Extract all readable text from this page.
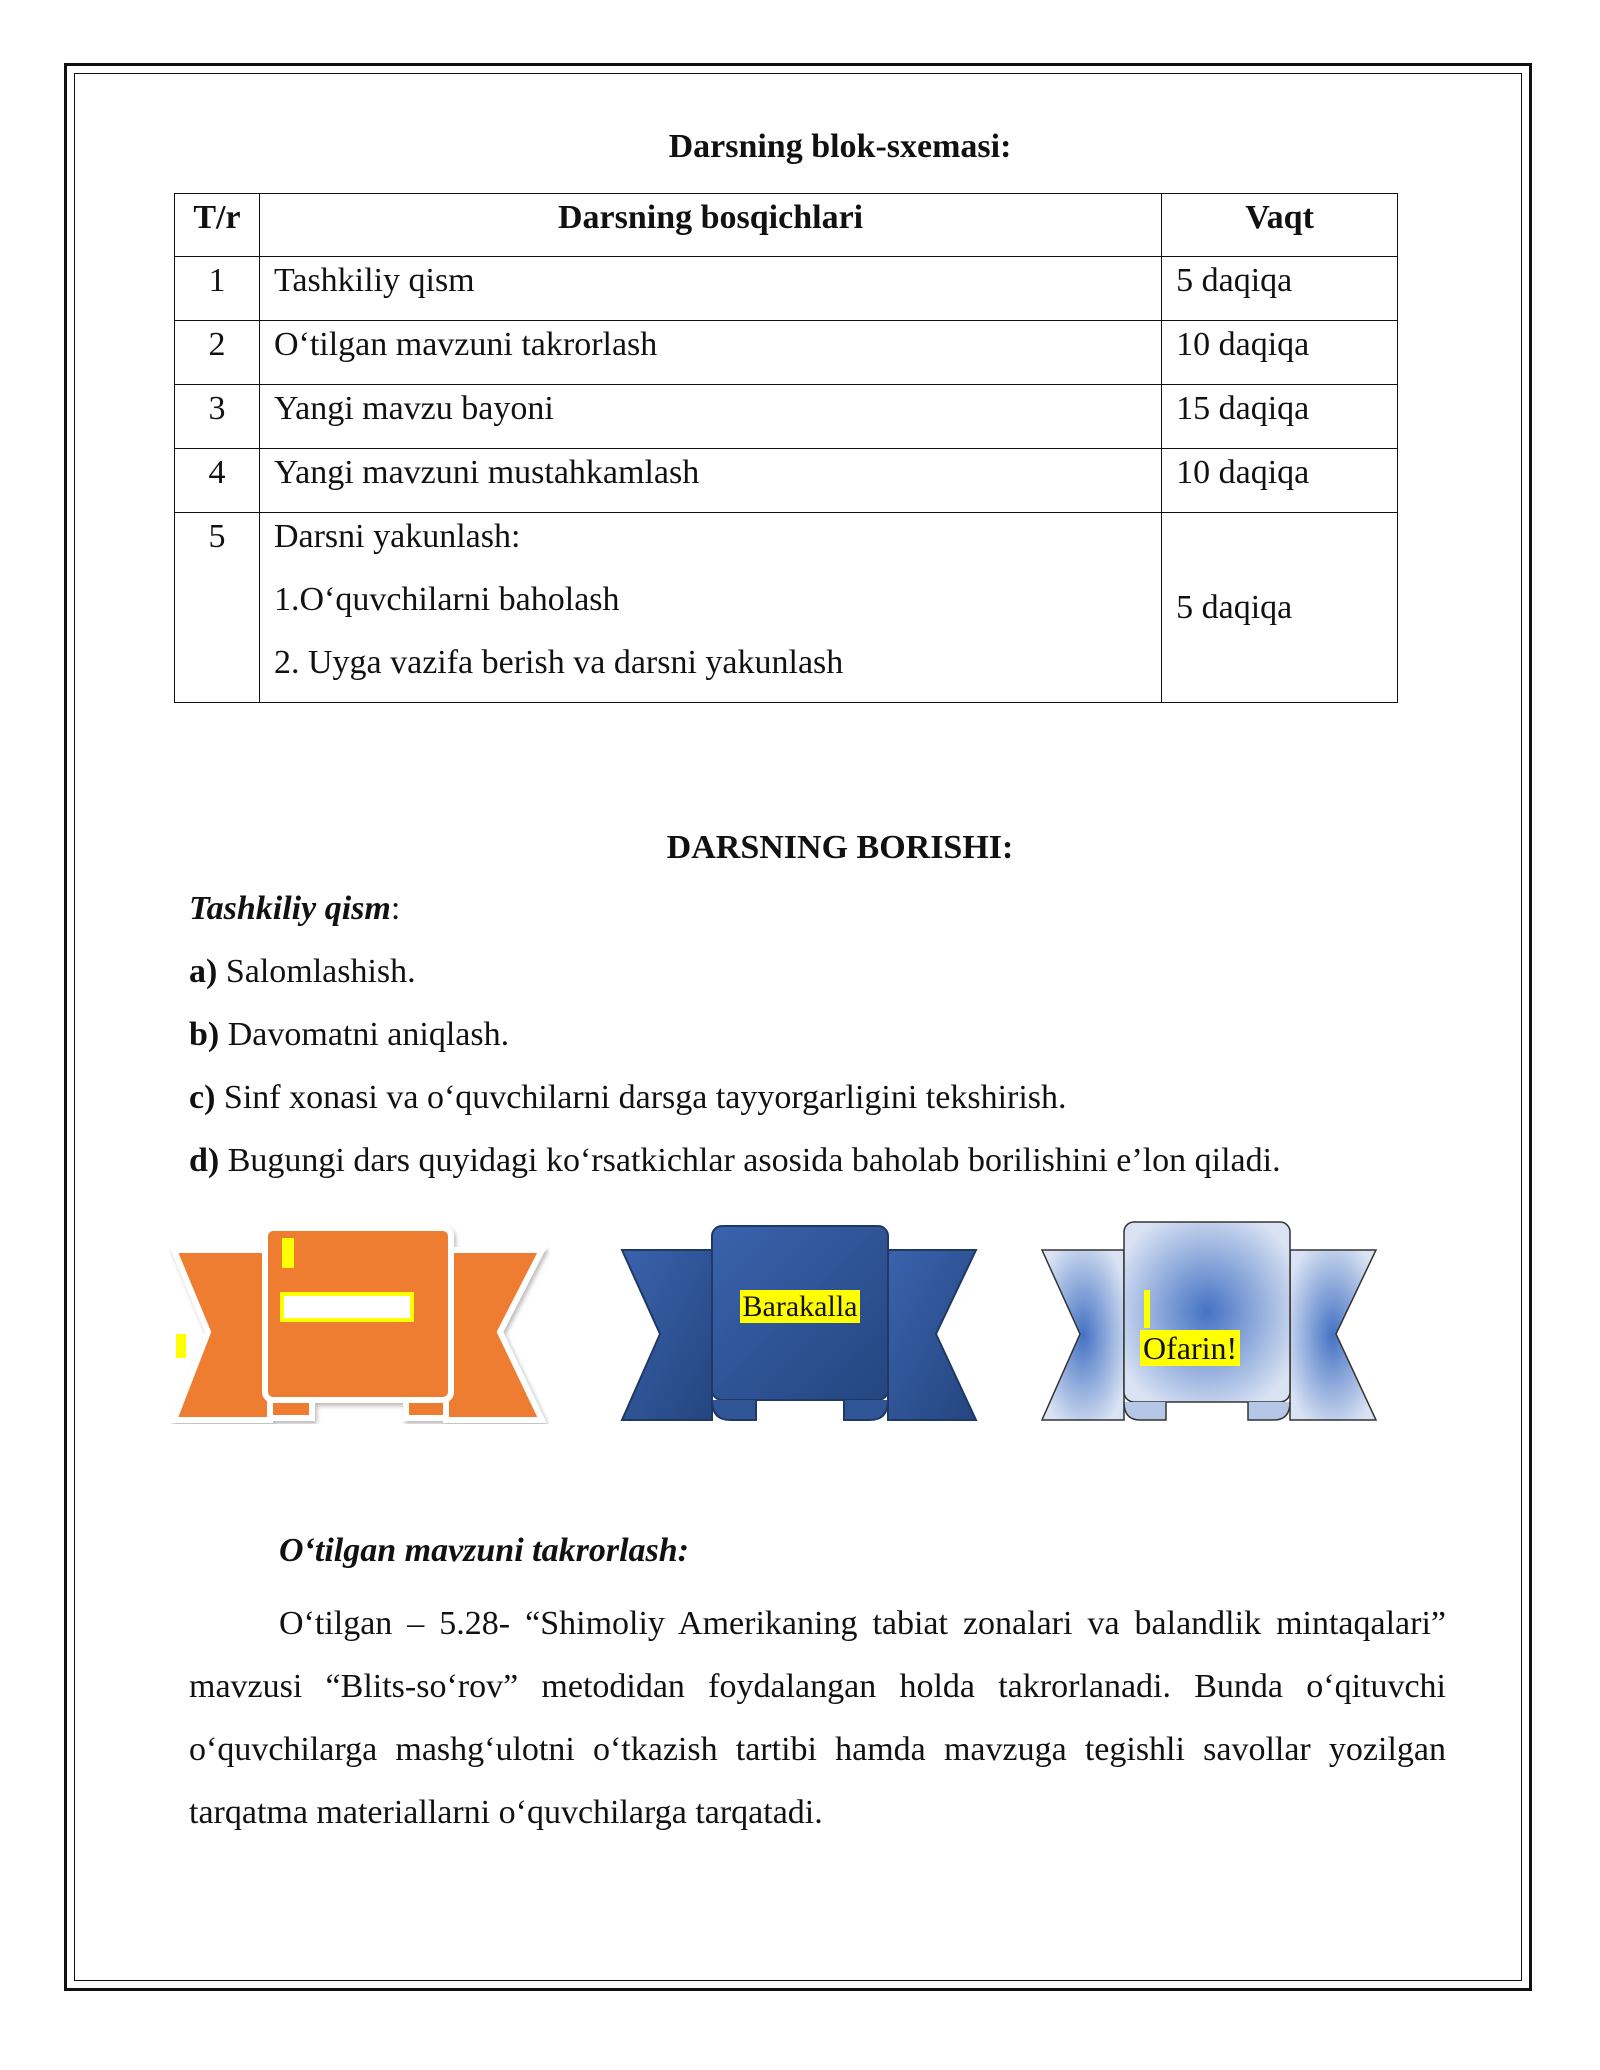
Darsning blok-sxemasi:
T/r	Darsning bosqichlari	Vaqt
1	Tashkiliy qism	5 daqiqa
2	O‘tilgan mavzuni takrorlash	10 daqiqa
3	Yangi mavzu bayoni	15 daqiqa
4	Yangi mavzuni mustahkamlash	10 daqiqa
5	Darsni yakunlash:
1.O‘quvchilarni baholash
2. Uyga vazifa berish va darsni yakunlash	5 daqiqa
DARSNING BORISHI:
Tashkiliy qism:
a) Salomlashish.
b) Davomatni aniqlash.
c) Sinf xonasi va o‘quvchilarni darsga tayyorgarligini tekshirish.
d) Bugungi dars quyidagi ko‘rsatkichlar asosida baholab borilishini e’lon qiladi.
Barakalla
Ofarin!
O‘tilgan mavzuni takrorlash:
O‘tilgan – 5.28- “Shimoliy Amerikaning tabiat zonalari va balandlik mintaqalari” mavzusi “Blits-so‘rov” metodidan foydalangan holda takrorlanadi. Bunda o‘qituvchi o‘quvchilarga mashg‘ulotni o‘tkazish tartibi hamda mavzuga tegishli savollar yozilgan tarqatma materiallarni o‘quvchilarga tarqatadi.
